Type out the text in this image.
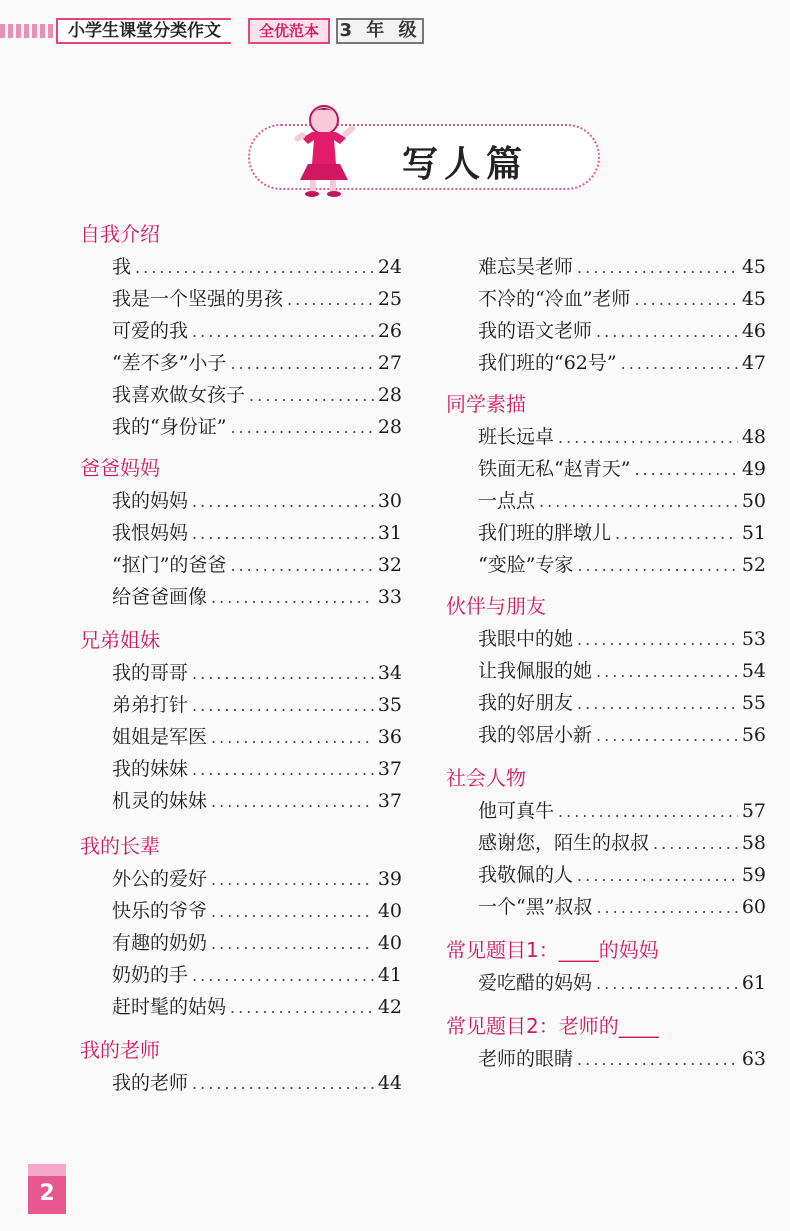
小学生课堂分类作文	全优范本	3 年 级
写人篇
自我介绍
我 .....	24
我是一个坚强的男孩 .....	25
可爱的我 .....	26
“差不多”小子 .....	27
我喜欢做女孩子 .....	28
我的“身份证” .....	28
爸爸妈妈
我的妈妈 .....	30
我恨妈妈 .....	31
“抠门”的爸爸 .....	32
给爸爸画像 .....	33
兄弟姐妹
我的哥哥 .....	34
弟弟打针 .....	35
姐姐是军医 .....	36
我的妹妹 .....	37
机灵的妹妹 .....	37
我的长辈
外公的爱好 .....	39
快乐的爷爷 .....	40
有趣的奶奶 .....	40
奶奶的手 .....	41
赶时髦的姑妈 .....	42
我的老师
我的老师 .....	44
难忘吴老师 .....	45
不冷的“冷血”老师 .....	45
我的语文老师 .....	46
我们班的“62号” .....	47
同学素描
班长远卓 .....	48
铁面无私“赵青天” .....	49
一点点 .....	50
我们班的胖墩儿 .....	51
“变脸”专家 .....	52
伙伴与朋友
我眼中的她 .....	53
让我佩服的她 .....	54
我的好朋友 .....	55
我的邻居小新 .....	56
社会人物
他可真牛 .....	57
感谢您，陌生的叔叔 .....	58
我敬佩的人 .....	59
一个“黑”叔叔 .....	60
常见题目1：____的妈妈
爱吃醋的妈妈 .....	61
常见题目2：老师的____
老师的眼睛 .....	63
2
